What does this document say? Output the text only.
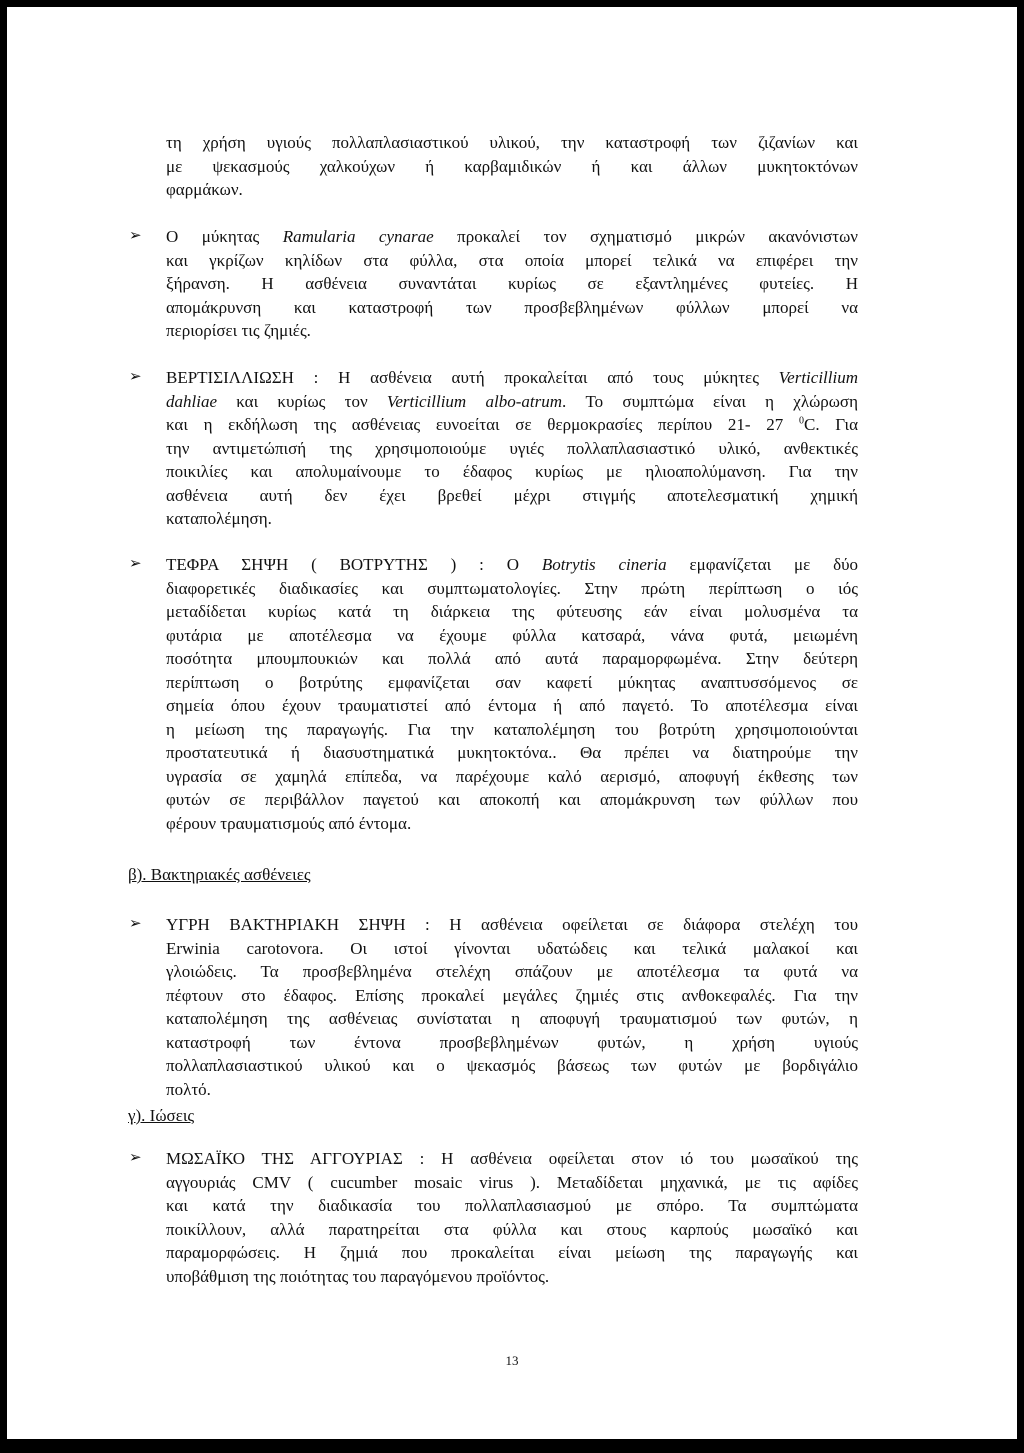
τη χρήση υγιούς πολλαπλασιαστικού υλικού, την καταστροφή των ζιζανίων και
με ψεκασμούς χαλκούχων ή καρβαμιδικών ή και άλλων μυκητοκτόνων
φαρμάκων.
➢	Ο μύκητας Ramularia cynarae προκαλεί τον σχηματισμό μικρών ακανόνιστων
και γκρίζων κηλίδων στα φύλλα, στα οποία μπορεί τελικά να επιφέρει την
ξήρανση. Η ασθένεια συναντάται κυρίως σε εξαντλημένες φυτείες. Η
απομάκρυνση και καταστροφή των προσβεβλημένων φύλλων μπορεί να
περιορίσει τις ζημιές.
➢	ΒΕΡΤΙΣΙΛΛΙΩΣΗ : Η ασθένεια αυτή προκαλείται από τους μύκητες Verticillium
dahliae και κυρίως τον Verticillium albo-atrum. Το συμπτώμα είναι η χλώρωση
και η εκδήλωση της ασθένειας ευνοείται σε θερμοκρασίες περίπου 21- 27 $^0$C. Για
την αντιμετώπισή της χρησιμοποιούμε υγιές πολλαπλασιαστικό υλικό, ανθεκτικές
ποικιλίες και απολυμαίνουμε το έδαφος κυρίως με ηλιοαπολύμανση. Για την
ασθένεια αυτή δεν έχει βρεθεί μέχρι στιγμής αποτελεσματική χημική
καταπολέμηση.
➢	ΤΕΦΡΑ ΣΗΨΗ ( ΒΟΤΡΥΤΗΣ ) : Ο Botrytis cineria εμφανίζεται με δύο
διαφορετικές διαδικασίες και συμπτωματολογίες. Στην πρώτη περίπτωση ο ιός
μεταδίδεται κυρίως κατά τη διάρκεια της φύτευσης εάν είναι μολυσμένα τα
φυτάρια με αποτέλεσμα να έχουμε φύλλα κατσαρά, νάνα φυτά, μειωμένη
ποσότητα μπουμπουκιών και πολλά από αυτά παραμορφωμένα. Στην δεύτερη
περίπτωση ο βοτρύτης εμφανίζεται σαν καφετί μύκητας αναπτυσσόμενος σε
σημεία όπου έχουν τραυματιστεί από έντομα ή από παγετό. Το αποτέλεσμα είναι
η μείωση της παραγωγής. Για την καταπολέμηση του βοτρύτη χρησιμοποιούνται
προστατευτικά ή διασυστηματικά μυκητοκτόνα.. Θα πρέπει να διατηρούμε την
υγρασία σε χαμηλά επίπεδα, να παρέχουμε καλό αερισμό, αποφυγή έκθεσης των
φυτών σε περιβάλλον παγετού και αποκοπή και απομάκρυνση των φύλλων που
φέρουν τραυματισμούς από έντομα.
β). Βακτηριακές ασθένειες
➢	ΥΓΡΗ ΒΑΚΤΗΡΙΑΚΗ ΣΗΨΗ : Η ασθένεια οφείλεται σε διάφορα στελέχη του
Erwinia carotovora. Οι ιστοί γίνονται υδατώδεις και τελικά μαλακοί και
γλοιώδεις. Τα προσβεβλημένα στελέχη σπάζουν με αποτέλεσμα τα φυτά να
πέφτουν στο έδαφος. Επίσης προκαλεί μεγάλες ζημιές στις ανθοκεφαλές. Για την
καταπολέμηση της ασθένειας συνίσταται η αποφυγή τραυματισμού των φυτών, η
καταστροφή των έντονα προσβεβλημένων φυτών, η χρήση υγιούς
πολλαπλασιαστικού υλικού και ο ψεκασμός βάσεως των φυτών με βορδιγάλιο
πολτό.
γ). Ιώσεις
➢	ΜΩΣΑΪΚΟ ΤΗΣ ΑΓΓΟΥΡΙΑΣ : Η ασθένεια οφείλεται στον ιό του μωσαϊκού της
αγγουριάς CMV ( cucumber mosaic virus ). Μεταδίδεται μηχανικά, με τις αφίδες
και κατά την διαδικασία του πολλαπλασιασμού με σπόρο. Τα συμπτώματα
ποικίλλουν, αλλά παρατηρείται στα φύλλα και στους καρπούς μωσαϊκό και
παραμορφώσεις. Η ζημιά που προκαλείται είναι μείωση της παραγωγής και
υποβάθμιση της ποιότητας του παραγόμενου προϊόντος.
13
